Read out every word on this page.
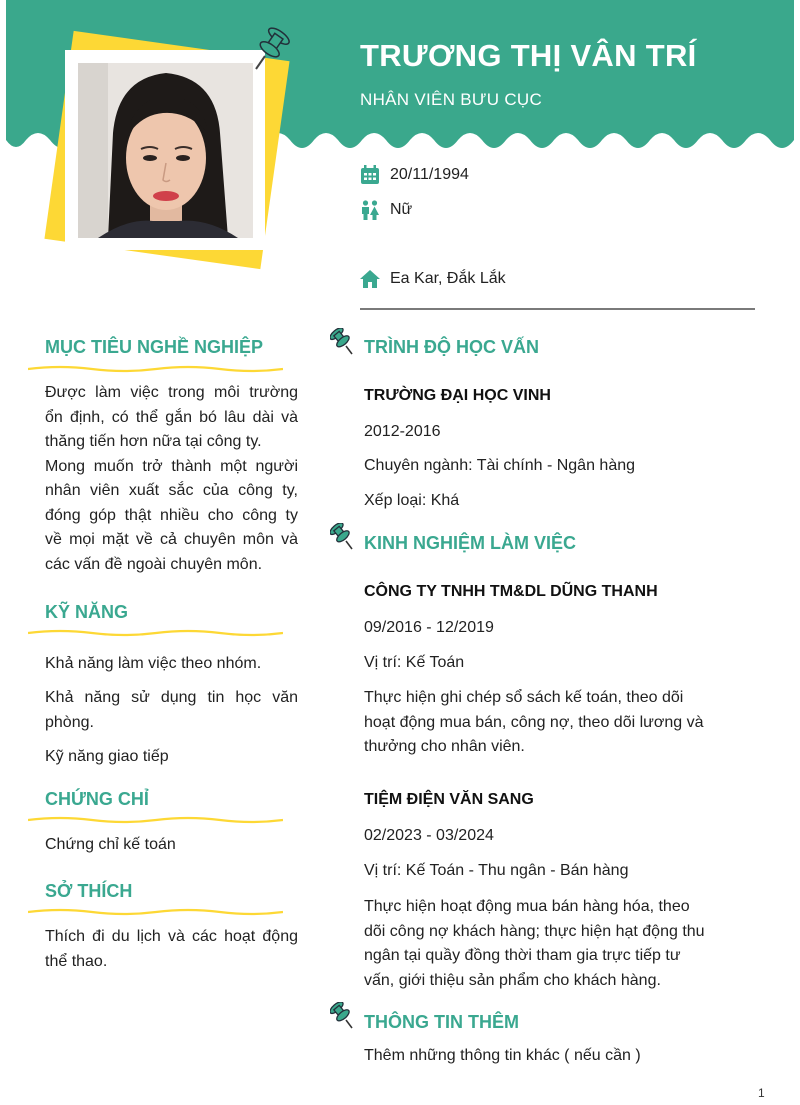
TRƯƠNG THỊ VÂN TRÍ
NHÂN VIÊN BƯU CỤC
20/11/1994
Nữ
Ea Kar, Đắk Lắk
MỤC TIÊU NGHỀ NGHIỆP
Được làm việc trong môi trường
ổn định, có thể gắn bó lâu dài và
thăng tiến hơn nữa tại công ty.
Mong muốn trở thành một người
nhân viên xuất sắc của công ty,
đóng góp thật nhiều cho công ty
về mọi mặt về cả chuyên môn và
các vấn đề ngoài chuyên môn.
KỸ NĂNG
Khả năng làm việc theo nhóm.
Khả năng sử dụng tin học văn
phòng.
Kỹ năng giao tiếp
CHỨNG CHỈ
Chứng chỉ kế toán
SỞ THÍCH
Thích đi du lịch và các hoạt động
thể thao.
TRÌNH ĐỘ HỌC VẤN
TRƯỜNG ĐẠI HỌC VINH
2012-2016
Chuyên ngành: Tài chính - Ngân hàng
Xếp loại: Khá
KINH NGHIỆM LÀM VIỆC
CÔNG TY TNHH TM&DL DŨNG THANH
09/2016 - 12/2019
Vị trí: Kế Toán
Thực hiện ghi chép sổ sách kế toán, theo dõi
hoạt động mua bán, công nợ, theo dõi lương và
thưởng cho nhân viên.
TIỆM ĐIỆN VĂN SANG
02/2023 - 03/2024
Vị trí: Kế Toán - Thu ngân - Bán hàng
Thực hiện hoạt động mua bán hàng hóa, theo
dõi công nợ khách hàng; thực hiện hạt động thu
ngân tại quầy đồng thời tham gia trực tiếp tư
vấn, giới thiệu sản phẩm cho khách hàng.
THÔNG TIN THÊM
Thêm những thông tin khác ( nếu cần )
1
